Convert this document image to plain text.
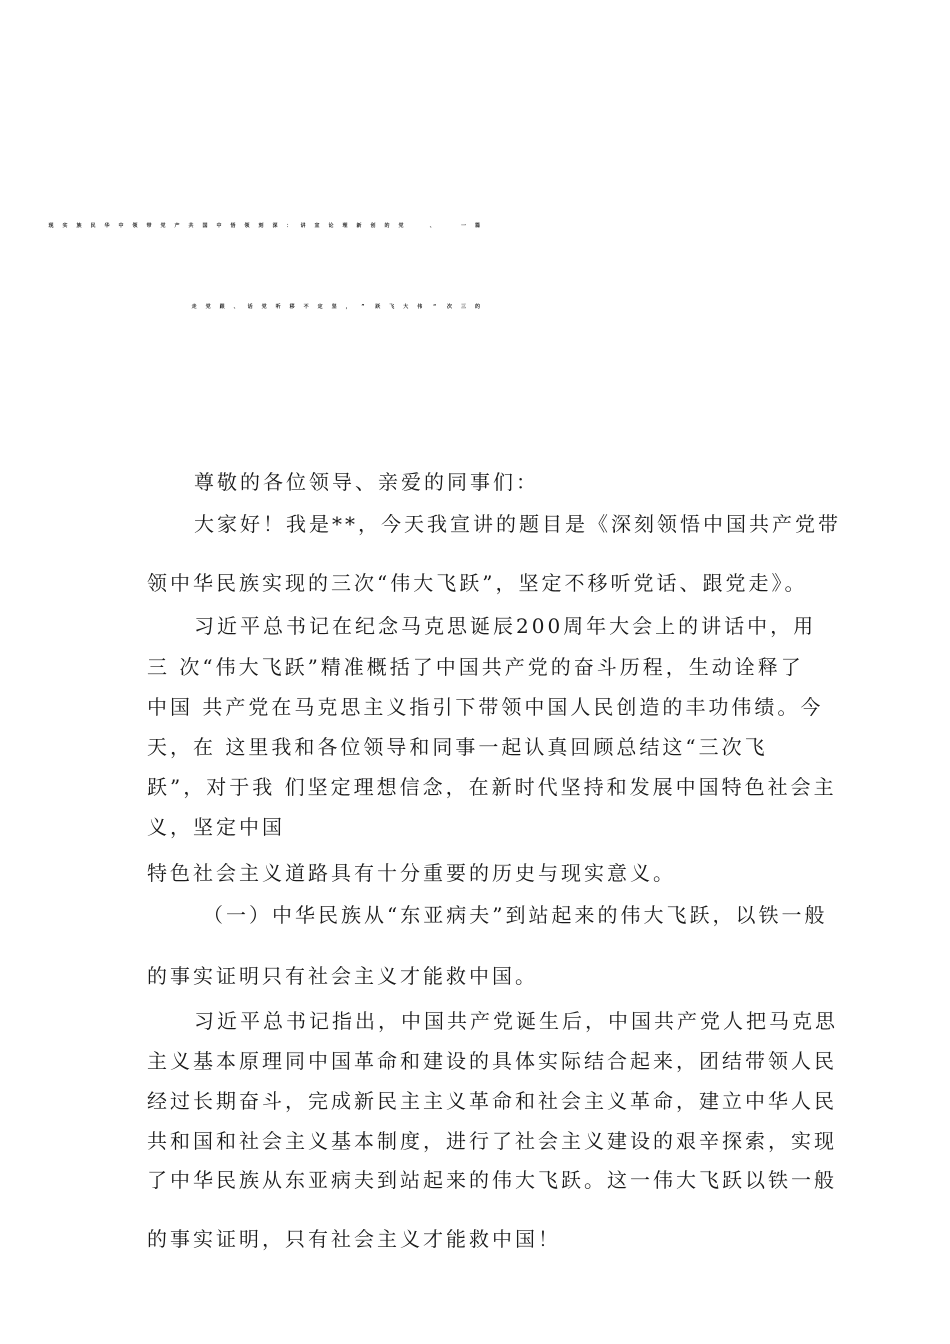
尊敬的各位领导、亲爱的同事们：
大家好！我是**，今天我宣讲的题目是《深刻领悟中国共产党带
领中华民族实现的三次“伟大飞跃”，坚定不移听党话、跟党走》。
习近平总书记在纪念马克思诞辰200周年大会上的讲话中，用
三 次“伟大飞跃”精准概括了中国共产党的奋斗历程，生动诠释了
中国 共产党在马克思主义指引下带领中国人民创造的丰功伟绩。今
天，在 这里我和各位领导和同事一起认真回顾总结这“三次飞
跃”，对于我 们坚定理想信念，在新时代坚持和发展中国特色社会主
义，坚定中国
特色社会主义道路具有十分重要的历史与现实意义。
（一）中华民族从“东亚病夫”到站起来的伟大飞跃，以铁一般
的事实证明只有社会主义才能救中国。
习近平总书记指出，中国共产党诞生后，中国共产党人把马克思
主义基本原理同中国革命和建设的具体实际结合起来，团结带领人民
经过长期奋斗，完成新民主主义革命和社会主义革命，建立中华人民
共和国和社会主义基本制度，进行了社会主义建设的艰辛探索，实现
了中华民族从东亚病夫到站起来的伟大飞跃。这一伟大飞跃以铁一般
的事实证明，只有社会主义才能救中国！
